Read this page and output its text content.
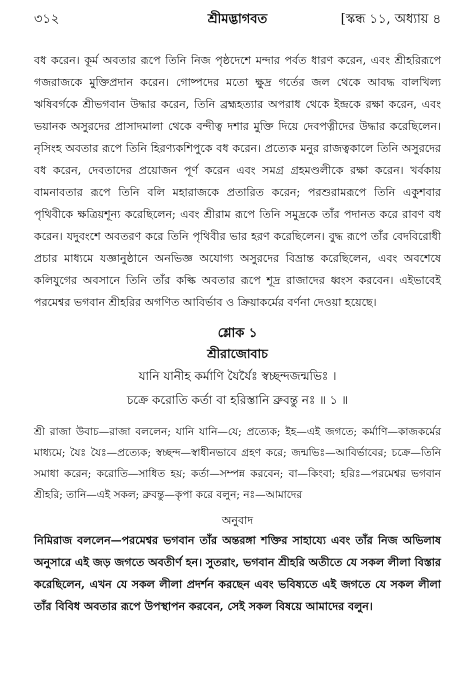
৩১২	শ্রীমদ্ভাগবত	[স্কন্ধ ১১, অধ্যায় ৪

বধ করেন। কূর্ম অবতার রূপে তিনি নিজ পৃষ্ঠদেশে মন্দার পর্বত ধারণ করেন, এবং শ্রীহরিরূপে গজরাজকে মুক্তিপ্রদান করেন। গোষ্পদের মতো ক্ষুদ্র গর্তের জল থেকে আবদ্ধ বালখিল্য ঋষিবর্গকে শ্রীভগবান উদ্ধার করেন, তিনি ব্রহ্মহত্যার অপরাধ থেকে ইন্দ্রকে রক্ষা করেন, এবং ভয়ানক অসুরদের প্রাসাদমালা থেকে বন্দীত্ব দশার মুক্তি দিয়ে দেবপত্নীদের উদ্ধার করেছিলেন। নৃসিংহ অবতার রূপে তিনি হিরণ্যকশিপুকে বধ করেন। প্রত্যেক মনুর রাজত্বকালে তিনি অসুরদের বধ করেন, দেবতাদের প্রয়োজন পূর্ণ করেন এবং সমগ্র গ্রহমণ্ডলীকে রক্ষা করেন। খর্বকায় বামনাবতার রূপে তিনি বলি মহারাজকে প্রতারিত করেন; পরশুরামরূপে তিনি একুশবার পৃথিবীকে ক্ষত্রিয়শূন্য করেছিলেন; এবং শ্রীরাম রূপে তিনি সমুদ্রকে তাঁর পদানত করে রাবণ বধ করেন। যদুবংশে অবতরণ করে তিনি পৃথিবীর ভার হরণ করেছিলেন। বুদ্ধ রূপে তাঁর বেদবিরোধী প্রচার মাধ্যমে যজ্ঞানুষ্ঠানে অনভিজ্ঞ অযোগ্য অসুরদের বিভ্রান্ত করেছিলেন, এবং অবশেষে কলিযুগের অবসানে তিনি তাঁর কল্কি অবতার রূপে শূদ্র রাজাদের ধ্বংস করবেন। এইভাবেই পরমেশ্বর ভগবান শ্রীহরির অগণিত আবির্ভাব ও ক্রিয়াকর্মের বর্ণনা দেওয়া হয়েছে।

শ্লোক ১
শ্রীরাজোবাচ
যানি যানীহ কর্মাণি যৈর্যৈঃ স্বচ্ছন্দজন্মভিঃ ।
চক্রে করোতি কর্তা বা হরিস্তানি ব্রুবন্তু নঃ ॥ ১ ॥

শ্রী রাজা উবাচ—রাজা বললেন; যানি যানি—যে; প্রত্যেক; ইহ—এই জগতে; কর্মাণি—কাজকর্মের মাধ্যমে; যৈঃ যৈঃ—প্রত্যেক; স্বচ্ছন্দ—স্বাধীনভাবে গ্রহণ করে; জন্মভিঃ—আবির্ভাবের; চক্রে—তিনি সমাধা করেন; করোতি—সাধিত হয়; কর্তা—সম্পন্ন করবেন; বা—কিংবা; হরিঃ—পরমেশ্বর ভগবান শ্রীহরি; তানি—এই সকল; ব্রুবন্তু—কৃপা করে বলুন; নঃ—আমাদের

অনুবাদ

নিমিরাজ বললেন—পরমেশ্বর ভগবান তাঁর অন্তরঙ্গা শক্তির সাহায্যে এবং তাঁর নিজ অভিলাষ অনুসারে এই জড় জগতে অবতীর্ণ হন। সুতরাং, ভগবান শ্রীহরি অতীতে যে সকল লীলা বিস্তার করেছিলেন, এখন যে সকল লীলা প্রদর্শন করছেন এবং ভবিষ্যতে এই জগতে যে সকল লীলা তাঁর বিবিধ অবতার রূপে উপস্থাপন করবেন, সেই সকল বিষয়ে আমাদের বলুন।
